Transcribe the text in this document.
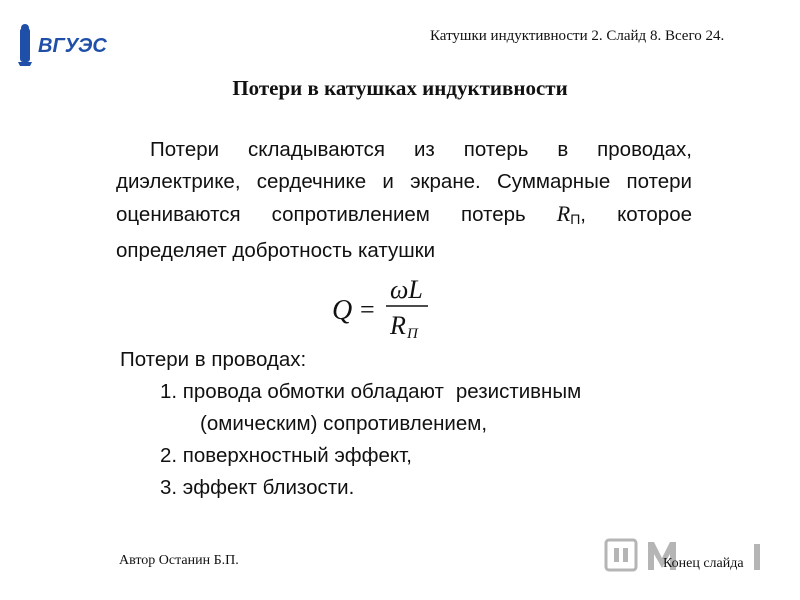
ВГУЭС	Катушки индуктивности 2. Слайд 8. Всего 24.
Потери в катушках индуктивности
Потери складываются из потерь в проводах, диэлектрике, сердечнике и экране. Суммарные потери оцениваются сопротивлением потерь $R_П$, которое определяет добротность катушки
Q =
ωL
R П
Потери в проводах:
1. провода обмотки обладают резистивным
(омическим) сопротивлением,
2. поверхностный эффект,
3. эффект близости.
Автор Останин Б.П.	Конец слайда
